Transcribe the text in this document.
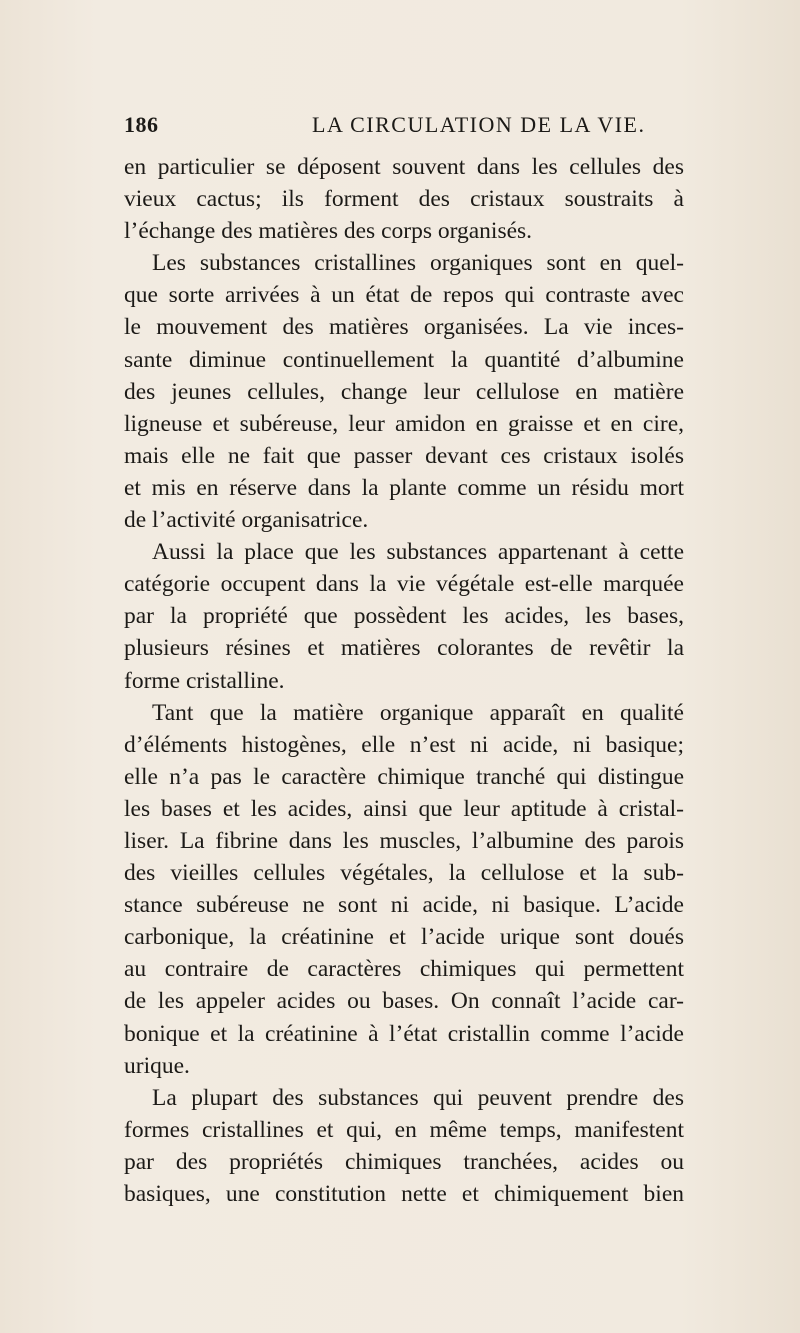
186	LA CIRCULATION DE LA VIE.
en particulier se déposent souvent dans les cellules des
vieux cactus; ils forment des cristaux soustraits à
l’échange des matières des corps organisés.
Les substances cristallines organiques sont en quel-
que sorte arrivées à un état de repos qui contraste avec
le mouvement des matières organisées. La vie inces-
sante diminue continuellement la quantité d’albumine
des jeunes cellules, change leur cellulose en matière
ligneuse et subéreuse, leur amidon en graisse et en cire,
mais elle ne fait que passer devant ces cristaux isolés
et mis en réserve dans la plante comme un résidu mort
de l’activité organisatrice.
Aussi la place que les substances appartenant à cette
catégorie occupent dans la vie végétale est-elle marquée
par la propriété que possèdent les acides, les bases,
plusieurs résines et matières colorantes de revêtir la
forme cristalline.
Tant que la matière organique apparaît en qualité
d’éléments histogènes, elle n’est ni acide, ni basique;
elle n’a pas le caractère chimique tranché qui distingue
les bases et les acides, ainsi que leur aptitude à cristal-
liser. La fibrine dans les muscles, l’albumine des parois
des vieilles cellules végétales, la cellulose et la sub-
stance subéreuse ne sont ni acide, ni basique. L’acide
carbonique, la créatinine et l’acide urique sont doués
au contraire de caractères chimiques qui permettent
de les appeler acides ou bases. On connaît l’acide car-
bonique et la créatinine à l’état cristallin comme l’acide
urique.
La plupart des substances qui peuvent prendre des
formes cristallines et qui, en même temps, manifestent
par des propriétés chimiques tranchées, acides ou
basiques, une constitution nette et chimiquement bien
